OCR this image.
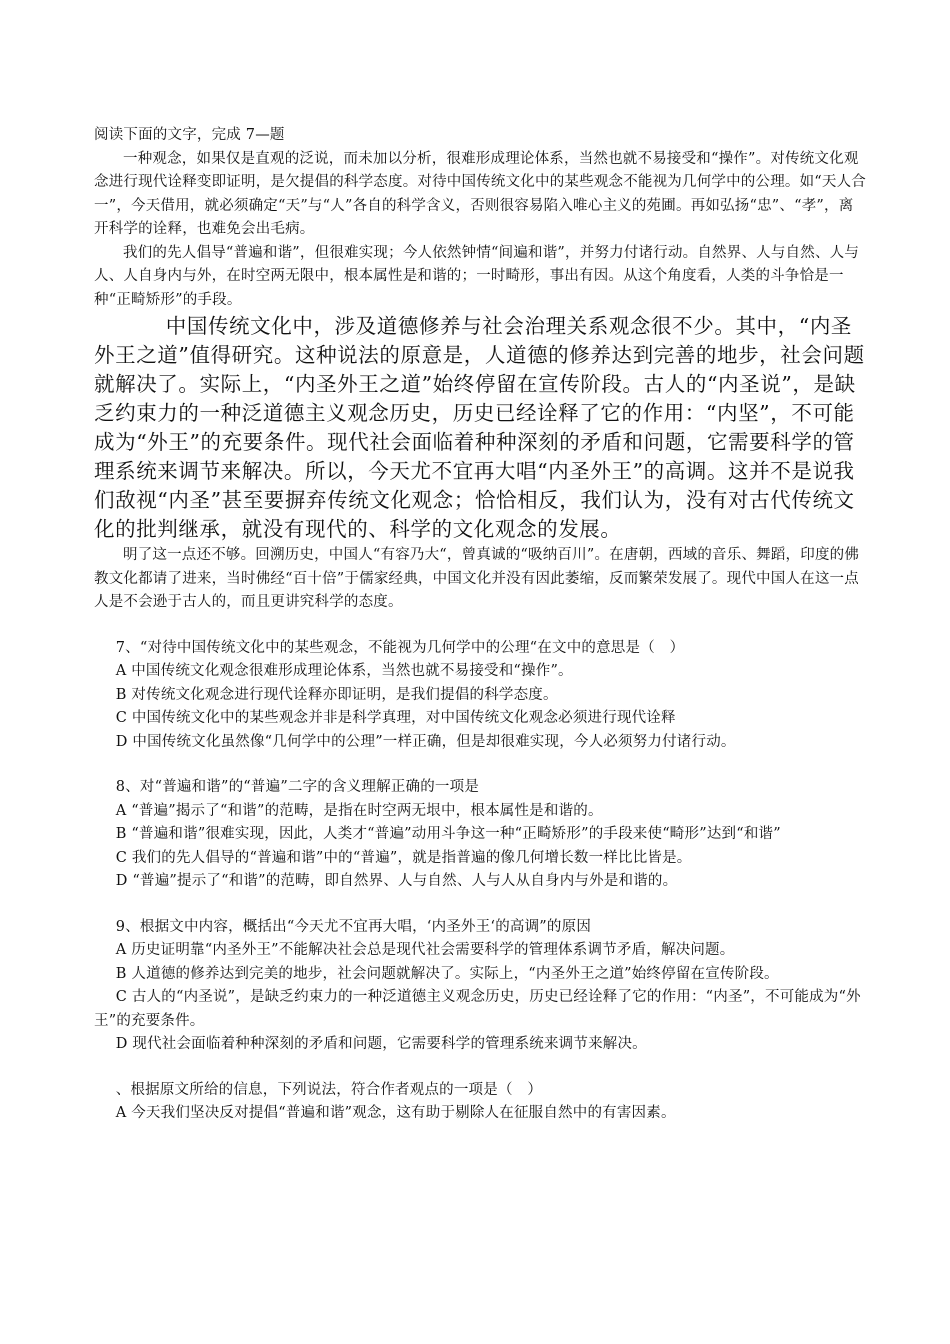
阅读下面的文字，完成 7—题

一种观念，如果仅是直观的泛说，而未加以分析，很难形成理论体系，当然也就不易接受和“操作”。对传统文化观念进行现代诠释变即证明，是欠提倡的科学态度。对待中国传统文化中的某些观念不能视为几何学中的公理。如“天人合一”，今天借用，就必须确定“天”与“人”各自的科学含义，否则很容易陷入唯心主义的苑圃。再如弘扬“忠”、“孝”，离开科学的诠释，也难免会出毛病。

我们的先人倡导“普遍和谐”，但很难实现；今人依然钟情“间遍和谐”，并努力付诸行动。自然界、人与自然、人与人、人自身内与外，在时空两无限中，根本属性是和谐的；一时畸形，事出有因。从这个角度看，人类的斗争恰是一种“正畸矫形”的手段。

中国传统文化中，涉及道德修养与社会治理关系观念很不少。其中，“内圣外王之道”值得研究。这种说法的原意是，人道德的修养达到完善的地步，社会问题就解决了。实际上，“内圣外王之道”始终停留在宣传阶段。古人的“内圣说”，是缺乏约束力的一种泛道德主义观念历史，历史已经诠释了它的作用：“内坚”，不可能成为“外王”的充要条件。现代社会面临着种种深刻的矛盾和问题，它需要科学的管理系统来调节来解决。所以，今天尤不宜再大唱“内圣外王”的高调。这并不是说我们敌视“内圣”甚至要摒弃传统文化观念；恰恰相反，我们认为，没有对古代传统文化的批判继承，就没有现代的、科学的文化观念的发展。

明了这一点还不够。回溯历史，中国人“有容乃大“，曾真诚的“吸纳百川”。在唐朝，西域的音乐、舞蹈，印度的佛教文化都请了进来，当时佛经“百十倍”于儒家经典，中国文化并没有因此萎缩，反而繁荣发展了。现代中国人在这一点人是不会逊于古人的，而且更讲究科学的态度。

7、“对待中国传统文化中的某些观念，不能视为几何学中的公理“在文中的意思是（　）

A 中国传统文化观念很难形成理论体系，当然也就不易接受和“操作”。

B 对传统文化观念进行现代诠释亦即证明，是我们提倡的科学态度。

C 中国传统文化中的某些观念并非是科学真理，对中国传统文化观念必须进行现代诠释

D 中国传统文化虽然像“几何学中的公理”一样正确，但是却很难实现，今人必须努力付诸行动。

8、对“普遍和谐”的“普遍”二字的含义理解正确的一项是

A “普遍”揭示了“和谐”的范畴，是指在时空两无垠中，根本属性是和谐的。

B “普遍和谐”很难实现，因此，人类才“普遍”动用斗争这一种“正畸矫形”的手段来使“畸形”达到“和谐”

C 我们的先人倡导的“普遍和谐”中的“普遍”，就是指普遍的像几何增长数一样比比皆是。

D “普遍”提示了“和谐”的范畴，即自然界、人与自然、人与人从自身内与外是和谐的。

9、根据文中内容，概括出“今天尤不宜再大唱，‘内圣外王‘的高调”的原因

A 历史证明靠“内圣外王”不能解决社会总是现代社会需要科学的管理体系调节矛盾，解决问题。

B 人道德的修养达到完美的地步，社会问题就解决了。实际上，“内圣外王之道”始终停留在宣传阶段。

C 古人的“内圣说”，是缺乏约束力的一种泛道德主义观念历史，历史已经诠释了它的作用：“内圣”，不可能成为“外王”的充要条件。

D 现代社会面临着种种深刻的矛盾和问题，它需要科学的管理系统来调节来解决。

、根据原文所给的信息，下列说法，符合作者观点的一项是（　）

A 今天我们坚决反对提倡“普遍和谐”观念，这有助于剔除人在征服自然中的有害因素。
